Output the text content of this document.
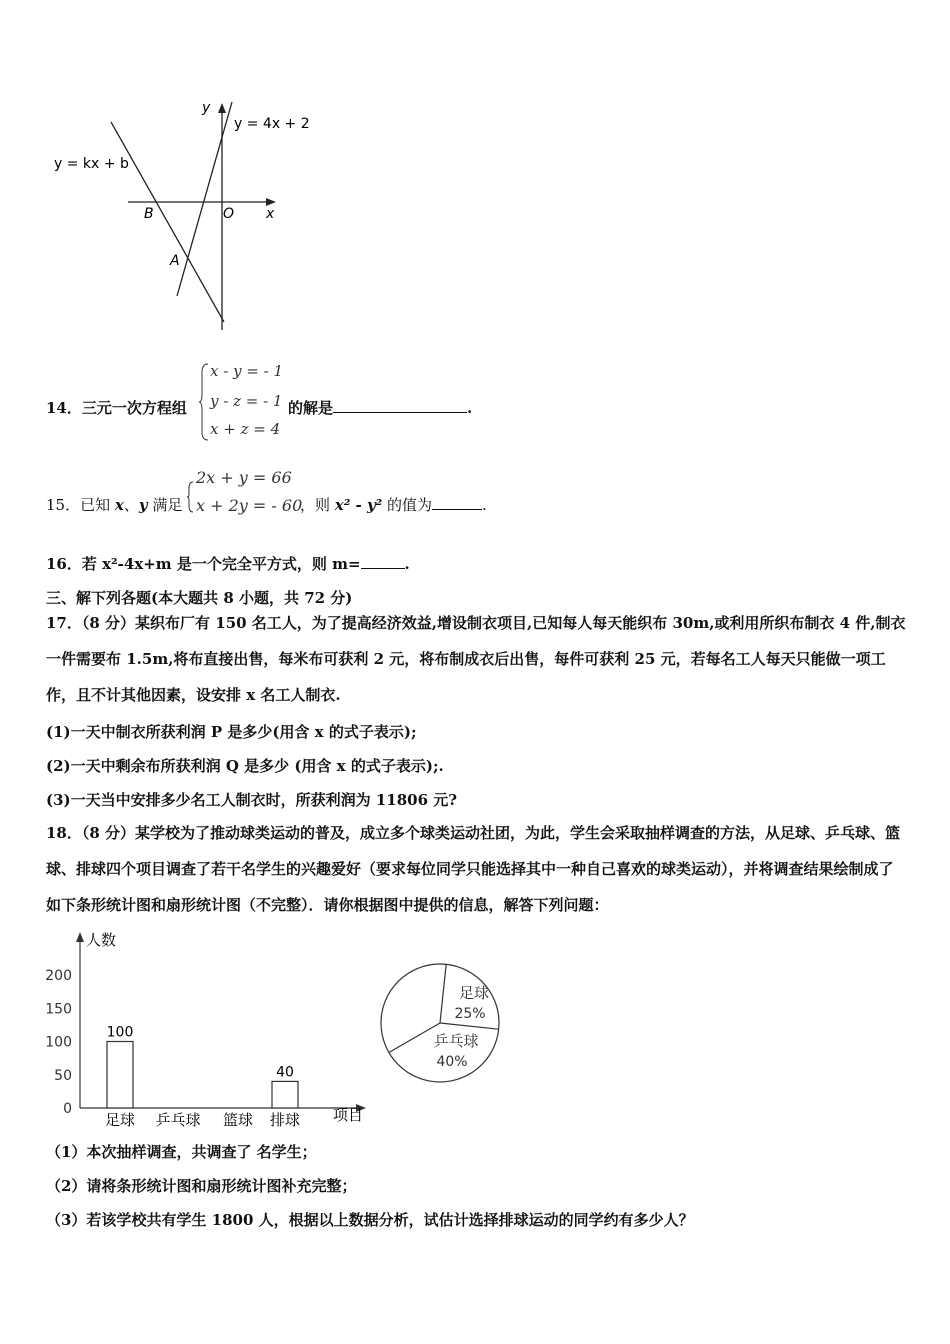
y
x
O
B
A
y = 4x + 2
y = kx + b
14．三元一次方程组
x - y = - 1
y - z = - 1
x + z = 4
的解是	.
15．已知 x、y 满足
2x + y = 66
x + 2y = - 60
，则 x² - y² 的值为	.
16．若 x²-4x+m 是一个完全平方式，则 m=	.
三、解下列各题(本大题共 8 小题，共 72 分)
17．（8 分）某织布厂有 150 名工人，为了提高经济效益,增设制衣项目,已知每人每天能织布 30m,或利用所织布制衣 4 件,制衣一件需要布 1.5m,将布直接出售，每米布可获利 2 元，将布制成衣后出售，每件可获利 25 元，若每名工人每天只能做一项工作，且不计其他因素，设安排 x 名工人制衣.
(1)一天中制衣所获利润 P 是多少(用含 x 的式子表示);
(2)一天中剩余布所获利润 Q 是多少 (用含 x 的式子表示);.
(3)一天当中安排多少名工人制衣时，所获利润为 11806 元?
18．（8 分）某学校为了推动球类运动的普及，成立多个球类运动社团，为此，学生会采取抽样调查的方法，从足球、乒乓球、篮球、排球四个项目调查了若干名学生的兴趣爱好（要求每位同学只能选择其中一种自己喜欢的球类运动），并将调查结果绘制成了如下条形统计图和扇形统计图（不完整）．请你根据图中提供的信息，解答下列问题：
人数
项目
0
50
100
150
200
足球
100
乒乓球 篮球 排球
40
足球
25%
乒乓球
40%
（1）本次抽样调查，共调查了 名学生；
（2）请将条形统计图和扇形统计图补充完整；
（3）若该学校共有学生 1800 人，根据以上数据分析，试估计选择排球运动的同学约有多少人？
